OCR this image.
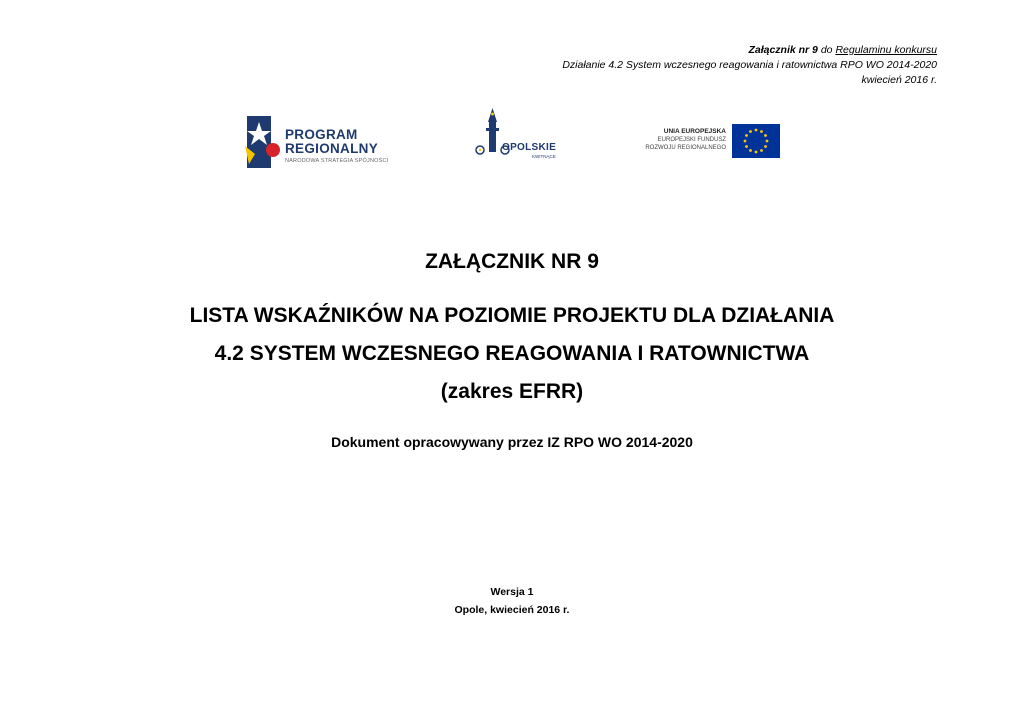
Załącznik nr 9 do Regulaminu konkursu
Działanie 4.2 System wczesnego reagowania i ratownictwa RPO WO 2014-2020
kwiecień 2016 r.
PROGRAM
REGIONALNY
NARODOWA STRATEGIA SPÓJNOŚCI
OPOLSKIE
KWITNĄCE
UNIA EUROPEJSKA
EUROPEJSKI FUNDUSZ
ROZWOJU REGIONALNEGO
ZAŁĄCZNIK NR 9
LISTA WSKAŹNIKÓW NA POZIOMIE PROJEKTU DLA DZIAŁANIA
4.2 SYSTEM WCZESNEGO REAGOWANIA I RATOWNICTWA
(zakres EFRR)
Dokument opracowywany przez IZ RPO WO 2014-2020
Wersja 1
Opole, kwiecień 2016 r.
